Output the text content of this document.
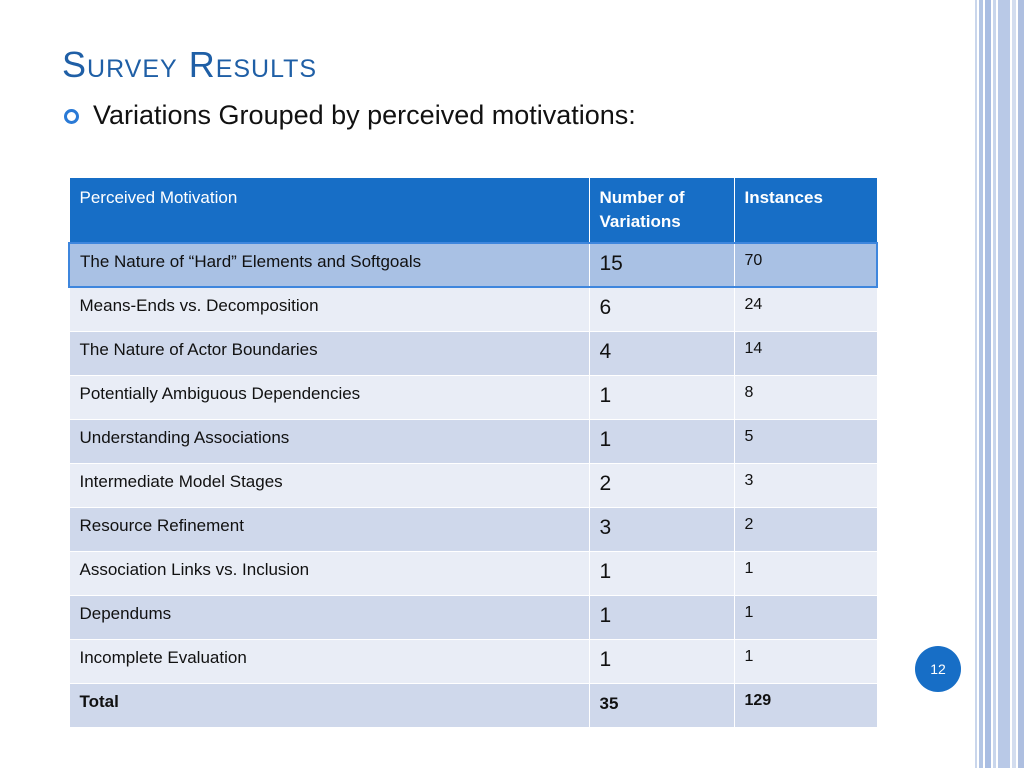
Survey Results
Variations Grouped by perceived motivations:
Perceived Motivation	Number of Variations	Instances
The Nature of “Hard” Elements and Softgoals	15	70
Means-Ends vs. Decomposition	6	24
The Nature of Actor Boundaries	4	14
Potentially Ambiguous Dependencies	1	8
Understanding Associations	1	5
Intermediate Model Stages	2	3
Resource Refinement	3	2
Association Links vs. Inclusion	1	1
Dependums	1	1
Incomplete Evaluation	1	1
Total	35	129
12
